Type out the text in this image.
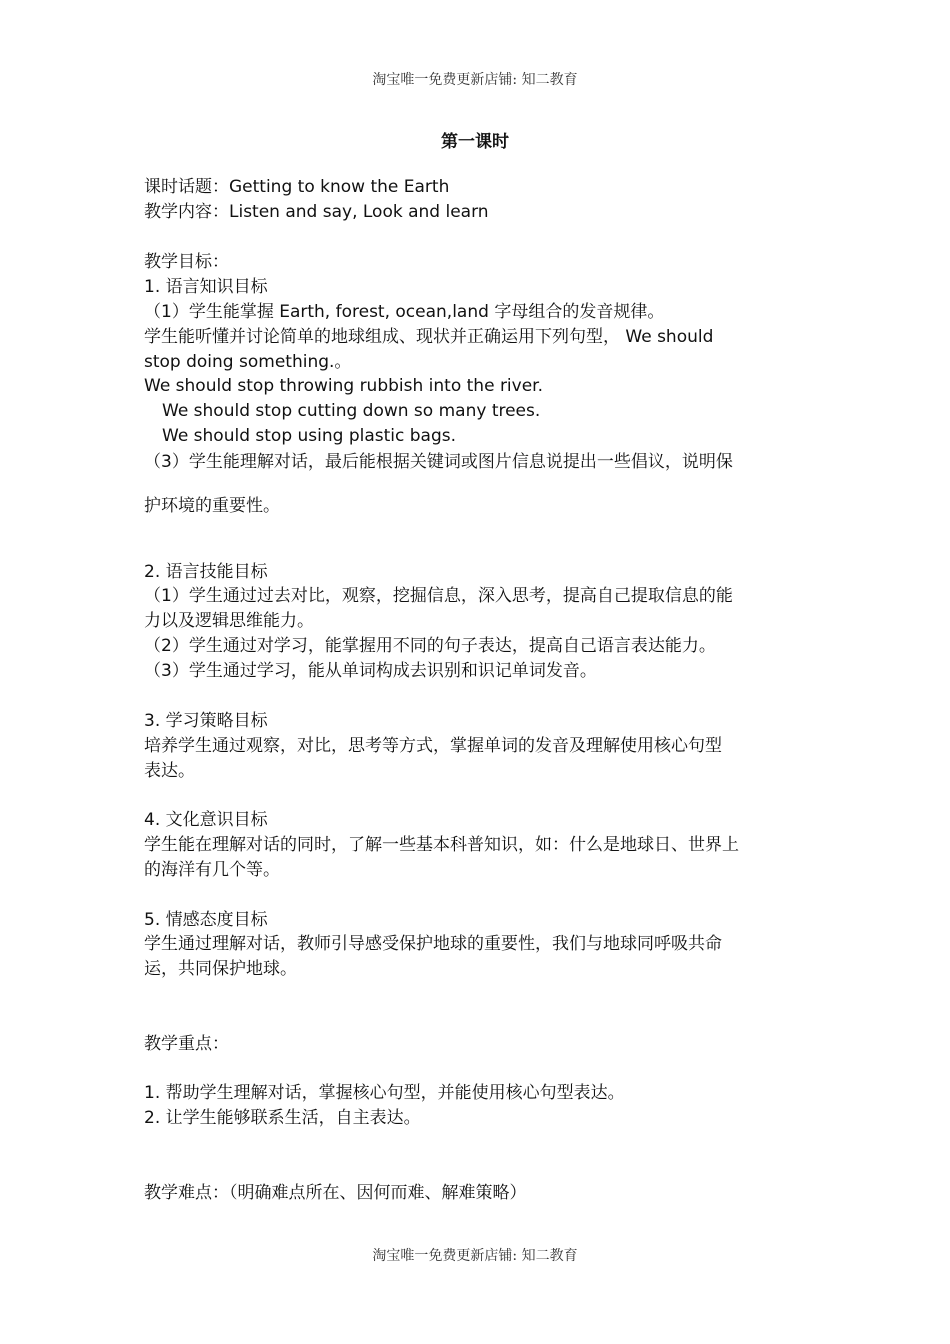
淘宝唯一免费更新店铺: 知二教育
第一课时
课时话题：Getting to know the Earth
教学内容：Listen and say, Look and learn
教学目标：
1. 语言知识目标
（1）学生能掌握 Earth, forest, ocean,land 字母组合的发音规律。
学生能听懂并讨论简单的地球组成、现状并正确运用下列句型， We should
stop doing something.。
We should stop throwing rubbish into the river.
We should stop cutting down so many trees.
We should stop using plastic bags.
（3）学生能理解对话，最后能根据关键词或图片信息说提出一些倡议，说明保
护环境的重要性。
2. 语言技能目标
（1）学生通过过去对比，观察，挖掘信息，深入思考，提高自己提取信息的能
力以及逻辑思维能力。
（2）学生通过对学习，能掌握用不同的句子表达，提高自己语言表达能力。
（3）学生通过学习，能从单词构成去识别和识记单词发音。
3. 学习策略目标
培养学生通过观察，对比，思考等方式，掌握单词的发音及理解使用核心句型
表达。
4. 文化意识目标
学生能在理解对话的同时，了解一些基本科普知识，如：什么是地球日、世界上
的海洋有几个等。
5. 情感态度目标
学生通过理解对话，教师引导感受保护地球的重要性，我们与地球同呼吸共命
运，共同保护地球。
教学重点：
1. 帮助学生理解对话，掌握核心句型，并能使用核心句型表达。
2. 让学生能够联系生活，自主表达。
教学难点：（明确难点所在、因何而难、解难策略）
淘宝唯一免费更新店铺: 知二教育
